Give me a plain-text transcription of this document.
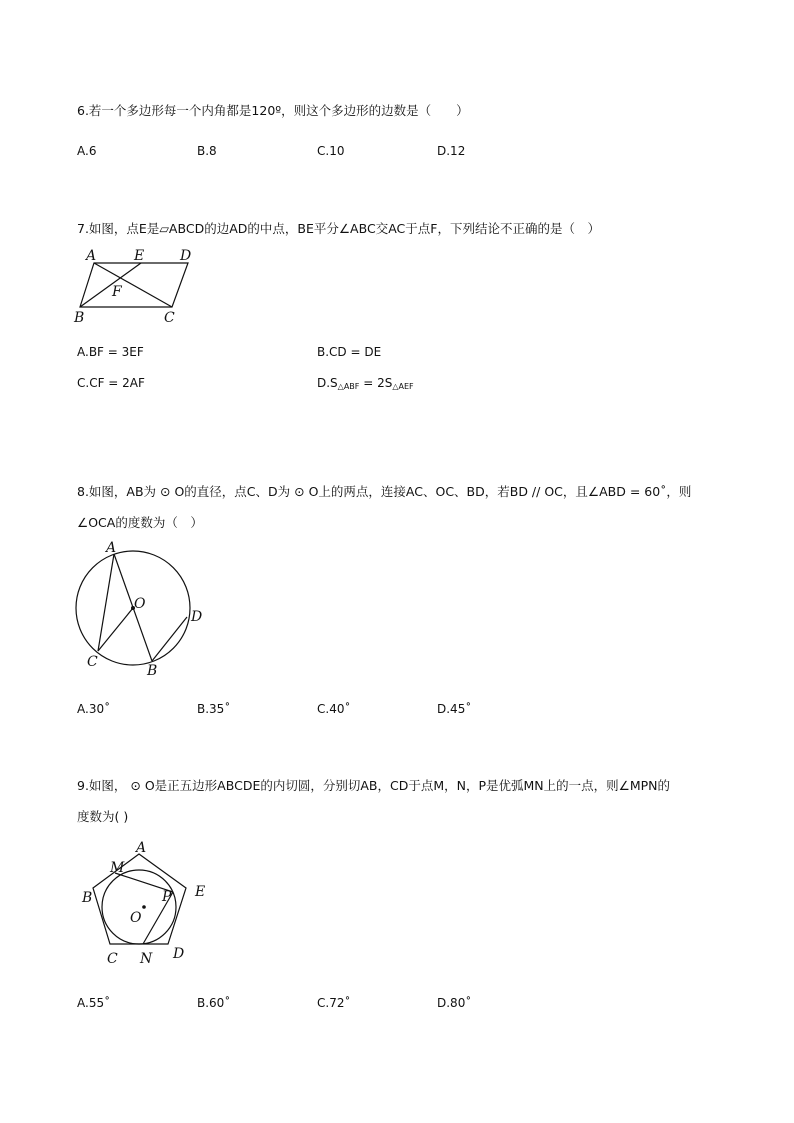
6.若一个多边形每一个内角都是120º，则这个多边形的边数是（　　）
A.6	B.8	C.10	D.12
7.如图，点E是▱ABCD的边AD的中点，BE平分∠ABC交AC于点F，下列结论不正确的是（　）
A	E	D
F
B	C
A.BF = 3EF	B.CD = DE
C.CF = 2AF	D.S△ABF = 2S△AEF
8.如图，AB为 ⊙ O的直径，点C、D为 ⊙ O上的两点，连接AC、OC、BD，若BD // OC，且∠ABD = 60˚，则
∠OCA的度数为（　）
A
O
D
C
B
A.30˚	B.35˚	C.40˚	D.45˚
9.如图， ⊙ O是正五边形ABCDE的内切圆，分别切AB，CD于点M，N，P是优弧MN上的一点，则∠MPN的
度数为( )
A
M
B	P E
O
C N D
A.55˚	B.60˚	C.72˚	D.80˚
